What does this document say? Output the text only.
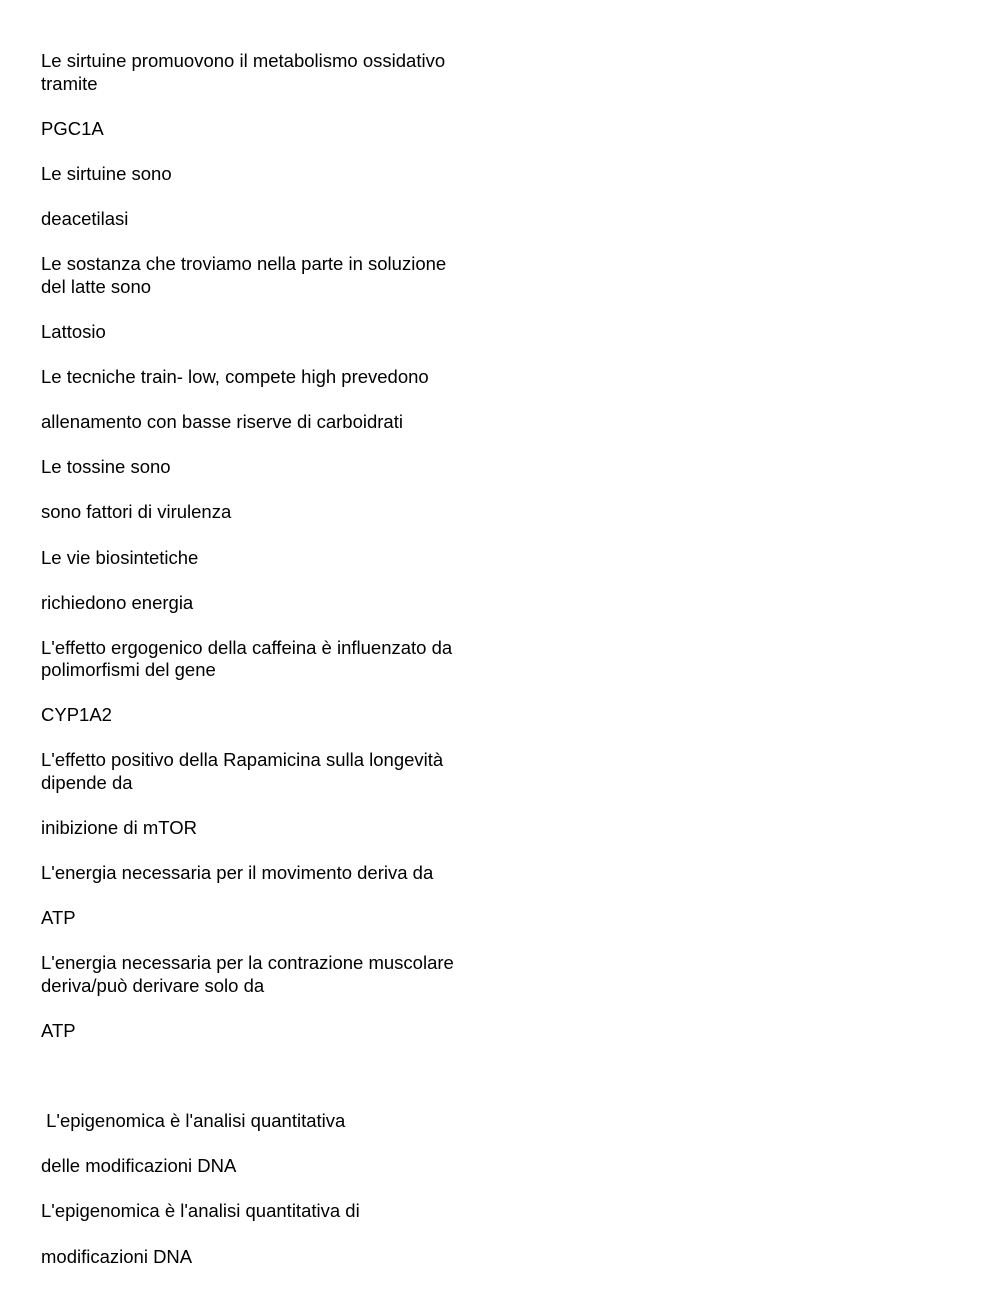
Le sirtuine promuovono il metabolismo ossidativo

tramite

PGC1A

Le sirtuine sono

deacetilasi

Le sostanza che troviamo nella parte in soluzione

del latte sono

Lattosio

Le tecniche train- low, compete high prevedono

allenamento con basse riserve di carboidrati

Le tossine sono

sono fattori di virulenza

Le vie biosintetiche

richiedono energia

L'effetto ergogenico della caffeina è influenzato da

polimorfismi del gene

CYP1A2

L'effetto positivo della Rapamicina sulla longevità

dipende da

inibizione di mTOR

L'energia necessaria per il movimento deriva da

ATP

L'energia necessaria per la contrazione muscolare

deriva/può derivare solo da

ATP

L'epigenomica è l'analisi quantitativa

delle modificazioni DNA

L'epigenomica è l'analisi quantitativa di

modificazioni DNA
